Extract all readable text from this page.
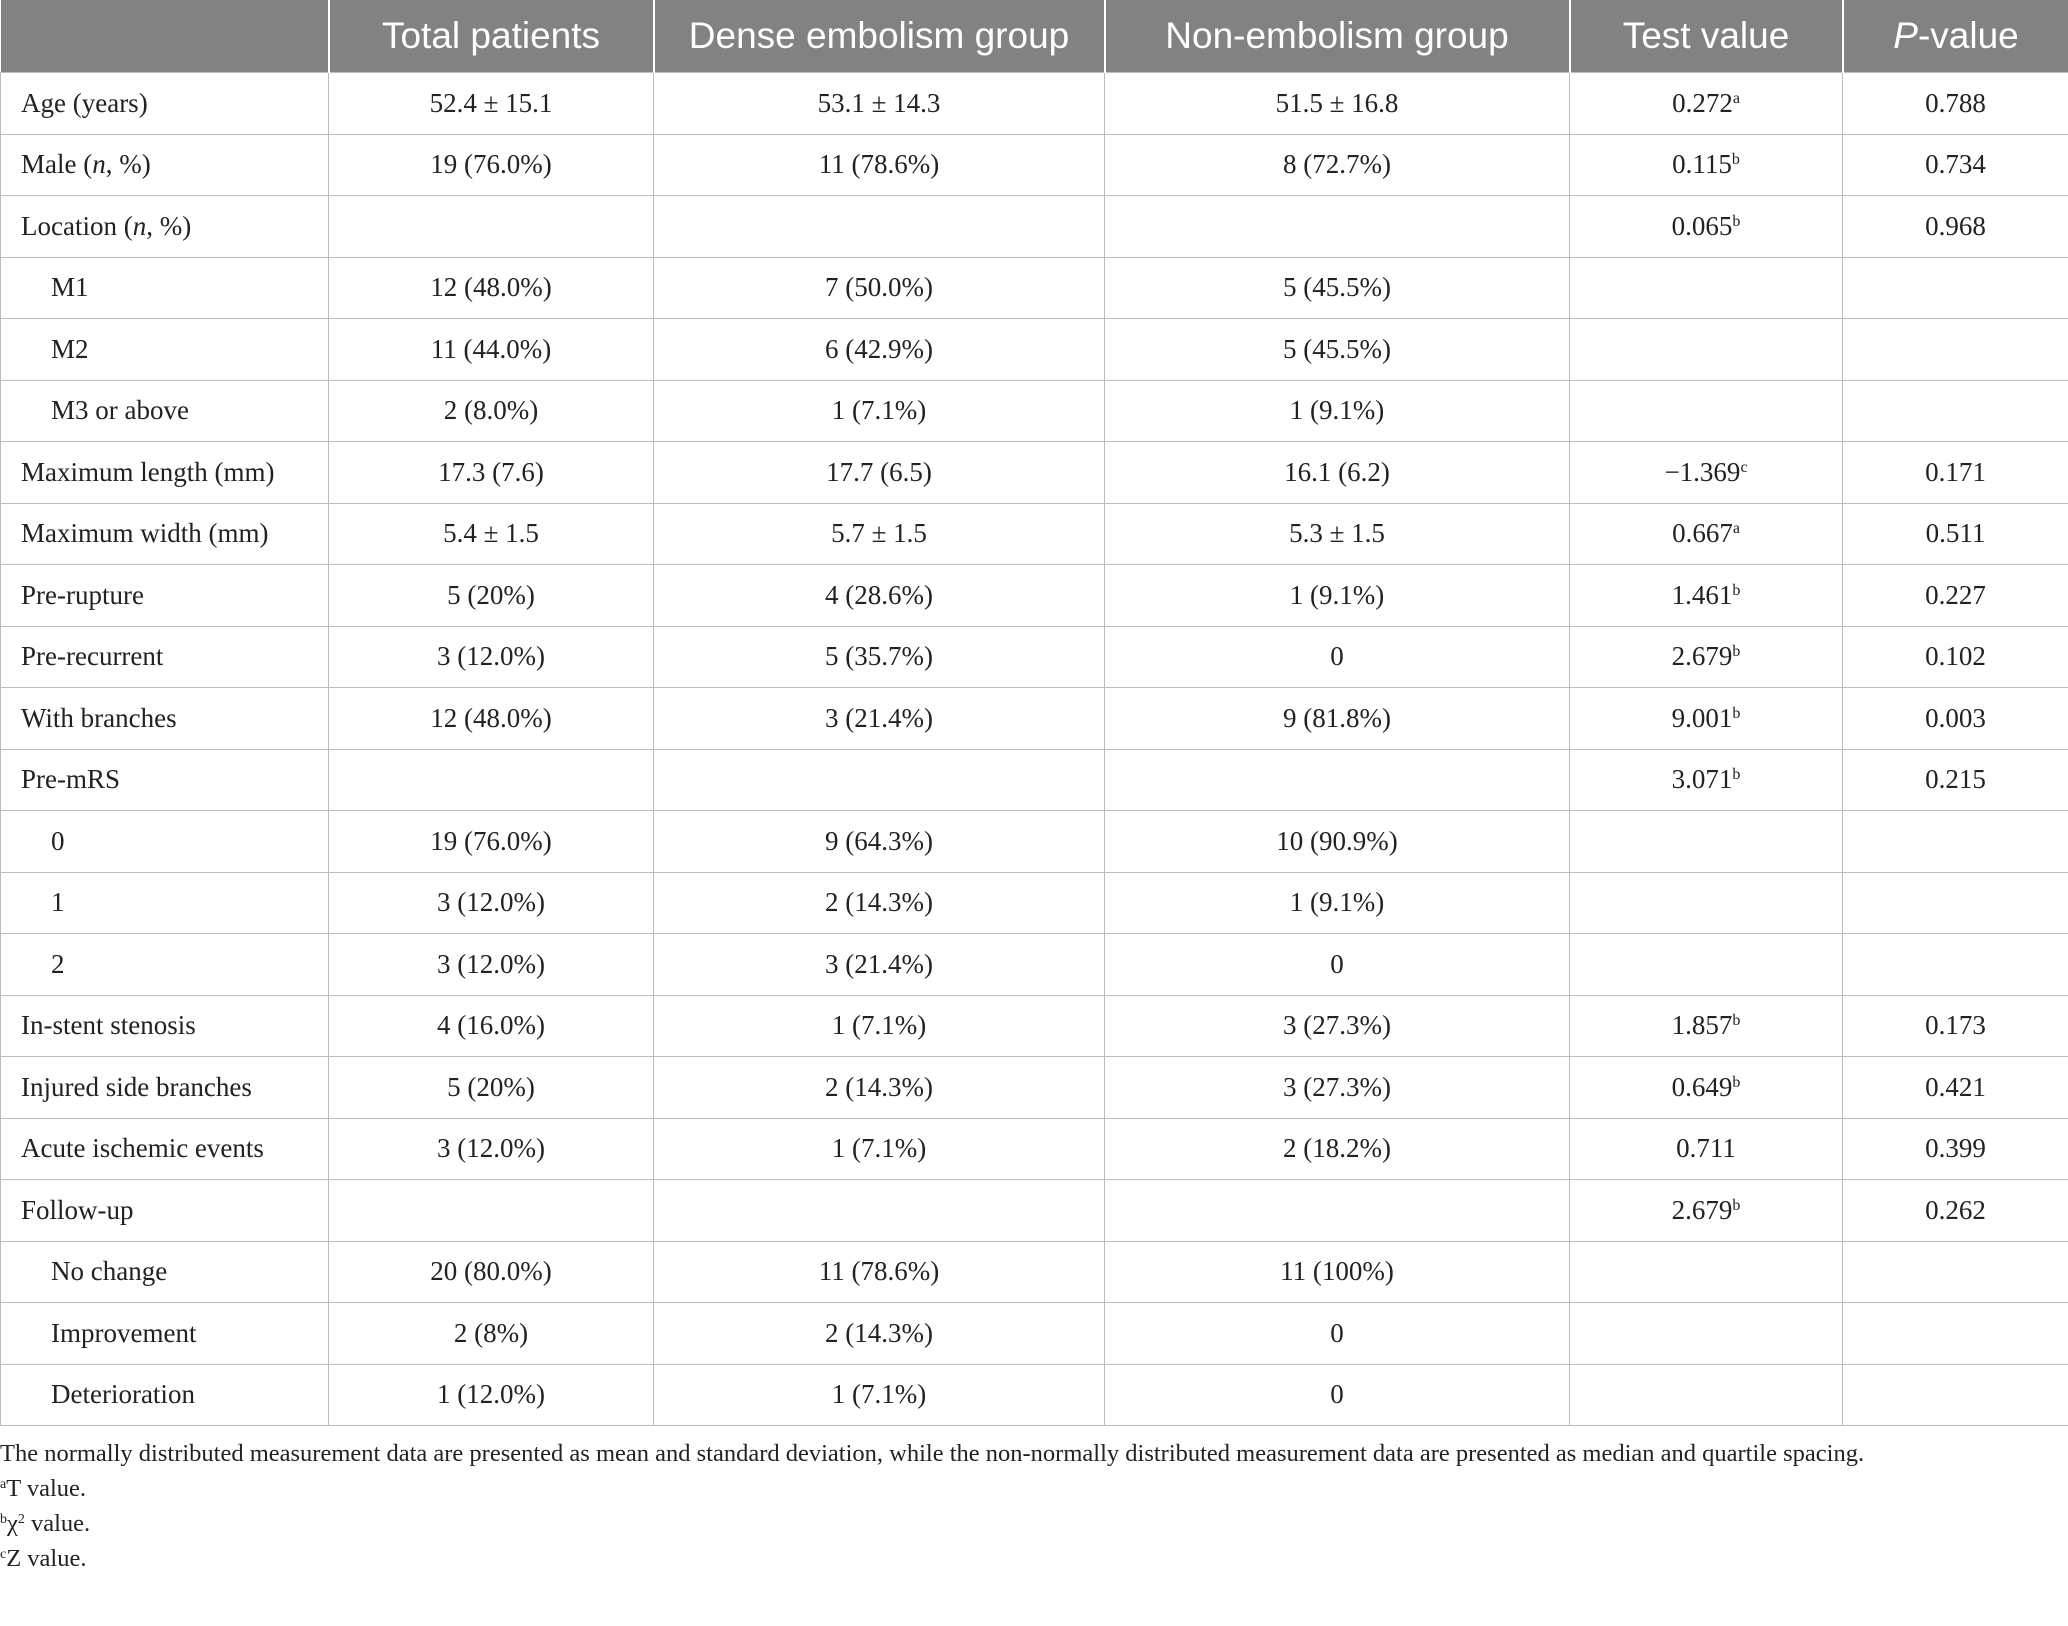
	Total patients	Dense embolism group	Non-embolism group	Test value	P-value
Age (years)	52.4 ± 15.1	53.1 ± 14.3	51.5 ± 16.8	0.272$^a$	0.788
Male (n, %)	19 (76.0%)	11 (78.6%)	8 (72.7%)	0.115$^b$	0.734
Location (n, %)				0.065$^b$	0.968
M1	12 (48.0%)	7 (50.0%)	5 (45.5%)		
M2	11 (44.0%)	6 (42.9%)	5 (45.5%)		
M3 or above	2 (8.0%)	1 (7.1%)	1 (9.1%)		
Maximum length (mm)	17.3 (7.6)	17.7 (6.5)	16.1 (6.2)	−1.369$^c$	0.171
Maximum width (mm)	5.4 ± 1.5	5.7 ± 1.5	5.3 ± 1.5	0.667$^a$	0.511
Pre-rupture	5 (20%)	4 (28.6%)	1 (9.1%)	1.461$^b$	0.227
Pre-recurrent	3 (12.0%)	5 (35.7%)	0	2.679$^b$	0.102
With branches	12 (48.0%)	3 (21.4%)	9 (81.8%)	9.001$^b$	0.003
Pre-mRS				3.071$^b$	0.215
0	19 (76.0%)	9 (64.3%)	10 (90.9%)		
1	3 (12.0%)	2 (14.3%)	1 (9.1%)		
2	3 (12.0%)	3 (21.4%)	0		
In-stent stenosis	4 (16.0%)	1 (7.1%)	3 (27.3%)	1.857$^b$	0.173
Injured side branches	5 (20%)	2 (14.3%)	3 (27.3%)	0.649$^b$	0.421
Acute ischemic events	3 (12.0%)	1 (7.1%)	2 (18.2%)	0.711	0.399
Follow-up				2.679$^b$	0.262
No change	20 (80.0%)	11 (78.6%)	11 (100%)		
Improvement	2 (8%)	2 (14.3%)	0		
Deterioration	1 (12.0%)	1 (7.1%)	0		
The normally distributed measurement data are presented as mean and standard deviation, while the non-normally distributed measurement data are presented as median and quartile spacing.
$^a$T value.
$^b\chi^2$ value.
$^c$Z value.
